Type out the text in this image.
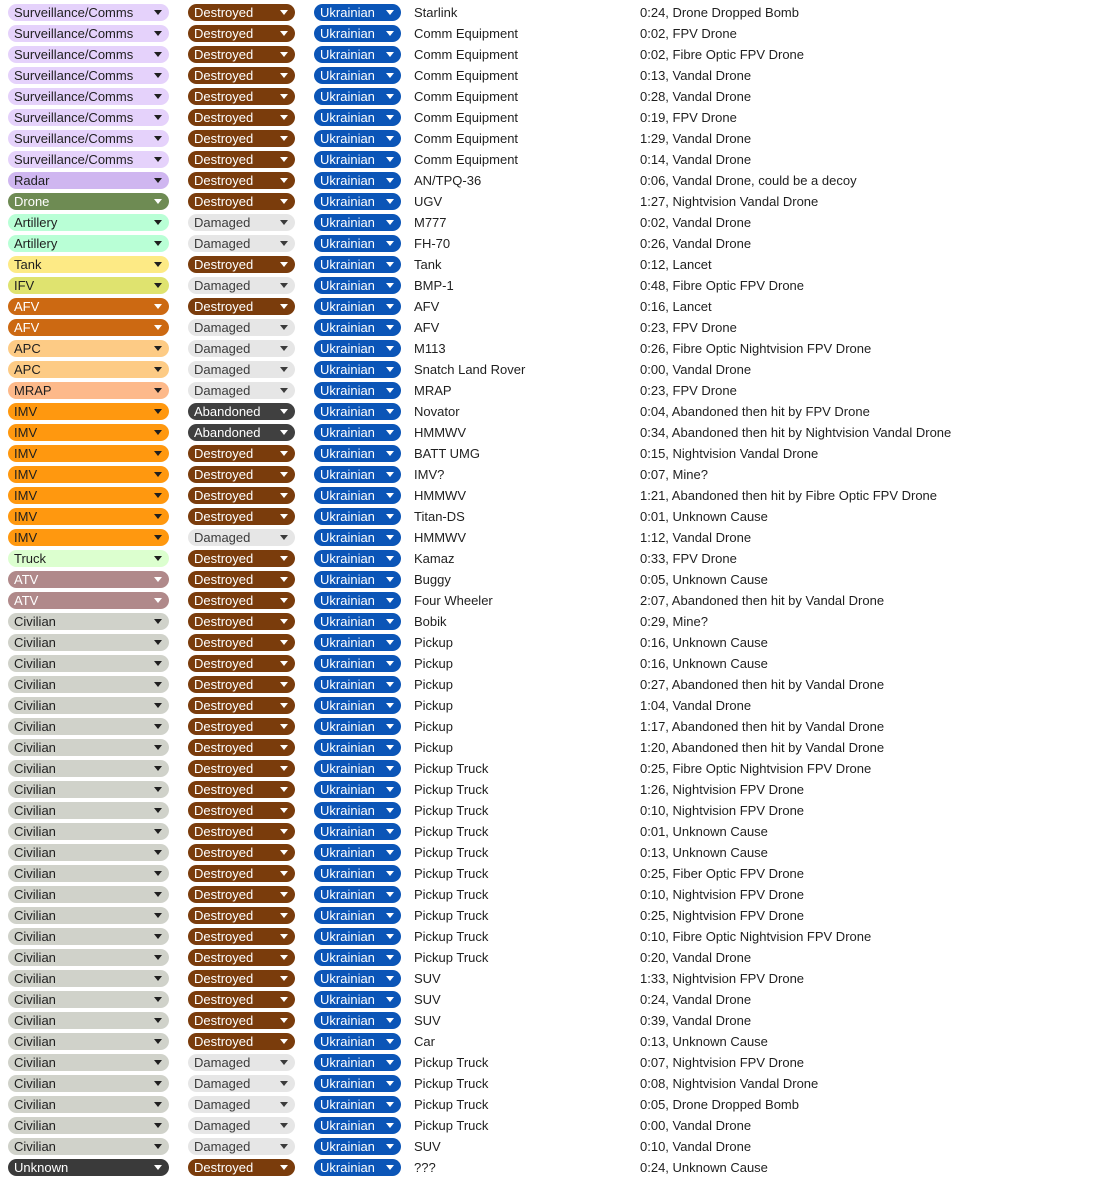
Surveillance/Comms	Destroyed	Ukrainian	Starlink	0:24, Drone Dropped Bomb
Surveillance/Comms	Destroyed	Ukrainian	Comm Equipment	0:02, FPV Drone
Surveillance/Comms	Destroyed	Ukrainian	Comm Equipment	0:02, Fibre Optic FPV Drone
Surveillance/Comms	Destroyed	Ukrainian	Comm Equipment	0:13, Vandal Drone
Surveillance/Comms	Destroyed	Ukrainian	Comm Equipment	0:28, Vandal Drone
Surveillance/Comms	Destroyed	Ukrainian	Comm Equipment	0:19, FPV Drone
Surveillance/Comms	Destroyed	Ukrainian	Comm Equipment	1:29, Vandal Drone
Surveillance/Comms	Destroyed	Ukrainian	Comm Equipment	0:14, Vandal Drone
Radar	Destroyed	Ukrainian	AN/TPQ-36	0:06, Vandal Drone, could be a decoy
Drone	Destroyed	Ukrainian	UGV	1:27, Nightvision Vandal Drone
Artillery	Damaged	Ukrainian	M777	0:02, Vandal Drone
Artillery	Damaged	Ukrainian	FH-70	0:26, Vandal Drone
Tank	Destroyed	Ukrainian	Tank	0:12, Lancet
IFV	Damaged	Ukrainian	BMP-1	0:48, Fibre Optic FPV Drone
AFV	Destroyed	Ukrainian	AFV	0:16, Lancet
AFV	Damaged	Ukrainian	AFV	0:23, FPV Drone
APC	Damaged	Ukrainian	M113	0:26, Fibre Optic Nightvision FPV Drone
APC	Damaged	Ukrainian	Snatch Land Rover	0:00, Vandal Drone
MRAP	Damaged	Ukrainian	MRAP	0:23, FPV Drone
IMV	Abandoned	Ukrainian	Novator	0:04, Abandoned then hit by FPV Drone
IMV	Abandoned	Ukrainian	HMMWV	0:34, Abandoned then hit by Nightvision Vandal Drone
IMV	Destroyed	Ukrainian	BATT UMG	0:15, Nightvision Vandal Drone
IMV	Destroyed	Ukrainian	IMV?	0:07, Mine?
IMV	Destroyed	Ukrainian	HMMWV	1:21, Abandoned then hit by Fibre Optic FPV Drone
IMV	Destroyed	Ukrainian	Titan-DS	0:01, Unknown Cause
IMV	Damaged	Ukrainian	HMMWV	1:12, Vandal Drone
Truck	Destroyed	Ukrainian	Kamaz	0:33, FPV Drone
ATV	Destroyed	Ukrainian	Buggy	0:05, Unknown Cause
ATV	Destroyed	Ukrainian	Four Wheeler	2:07, Abandoned then hit by Vandal Drone
Civilian	Destroyed	Ukrainian	Bobik	0:29, Mine?
Civilian	Destroyed	Ukrainian	Pickup	0:16, Unknown Cause
Civilian	Destroyed	Ukrainian	Pickup	0:16, Unknown Cause
Civilian	Destroyed	Ukrainian	Pickup	0:27, Abandoned then hit by Vandal Drone
Civilian	Destroyed	Ukrainian	Pickup	1:04, Vandal Drone
Civilian	Destroyed	Ukrainian	Pickup	1:17, Abandoned then hit by Vandal Drone
Civilian	Destroyed	Ukrainian	Pickup	1:20, Abandoned then hit by Vandal Drone
Civilian	Destroyed	Ukrainian	Pickup Truck	0:25, Fibre Optic Nightvision FPV Drone
Civilian	Destroyed	Ukrainian	Pickup Truck	1:26, Nightvision FPV Drone
Civilian	Destroyed	Ukrainian	Pickup Truck	0:10, Nightvision FPV Drone
Civilian	Destroyed	Ukrainian	Pickup Truck	0:01, Unknown Cause
Civilian	Destroyed	Ukrainian	Pickup Truck	0:13, Unknown Cause
Civilian	Destroyed	Ukrainian	Pickup Truck	0:25, Fiber Optic FPV Drone
Civilian	Destroyed	Ukrainian	Pickup Truck	0:10, Nightvision FPV Drone
Civilian	Destroyed	Ukrainian	Pickup Truck	0:25, Nightvision FPV Drone
Civilian	Destroyed	Ukrainian	Pickup Truck	0:10, Fibre Optic Nightvision FPV Drone
Civilian	Destroyed	Ukrainian	Pickup Truck	0:20, Vandal Drone
Civilian	Destroyed	Ukrainian	SUV	1:33, Nightvision FPV Drone
Civilian	Destroyed	Ukrainian	SUV	0:24, Vandal Drone
Civilian	Destroyed	Ukrainian	SUV	0:39, Vandal Drone
Civilian	Destroyed	Ukrainian	Car	0:13, Unknown Cause
Civilian	Damaged	Ukrainian	Pickup Truck	0:07, Nightvision FPV Drone
Civilian	Damaged	Ukrainian	Pickup Truck	0:08, Nightvision Vandal Drone
Civilian	Damaged	Ukrainian	Pickup Truck	0:05, Drone Dropped Bomb
Civilian	Damaged	Ukrainian	Pickup Truck	0:00, Vandal Drone
Civilian	Damaged	Ukrainian	SUV	0:10, Vandal Drone
Unknown	Destroyed	Ukrainian	???	0:24, Unknown Cause
